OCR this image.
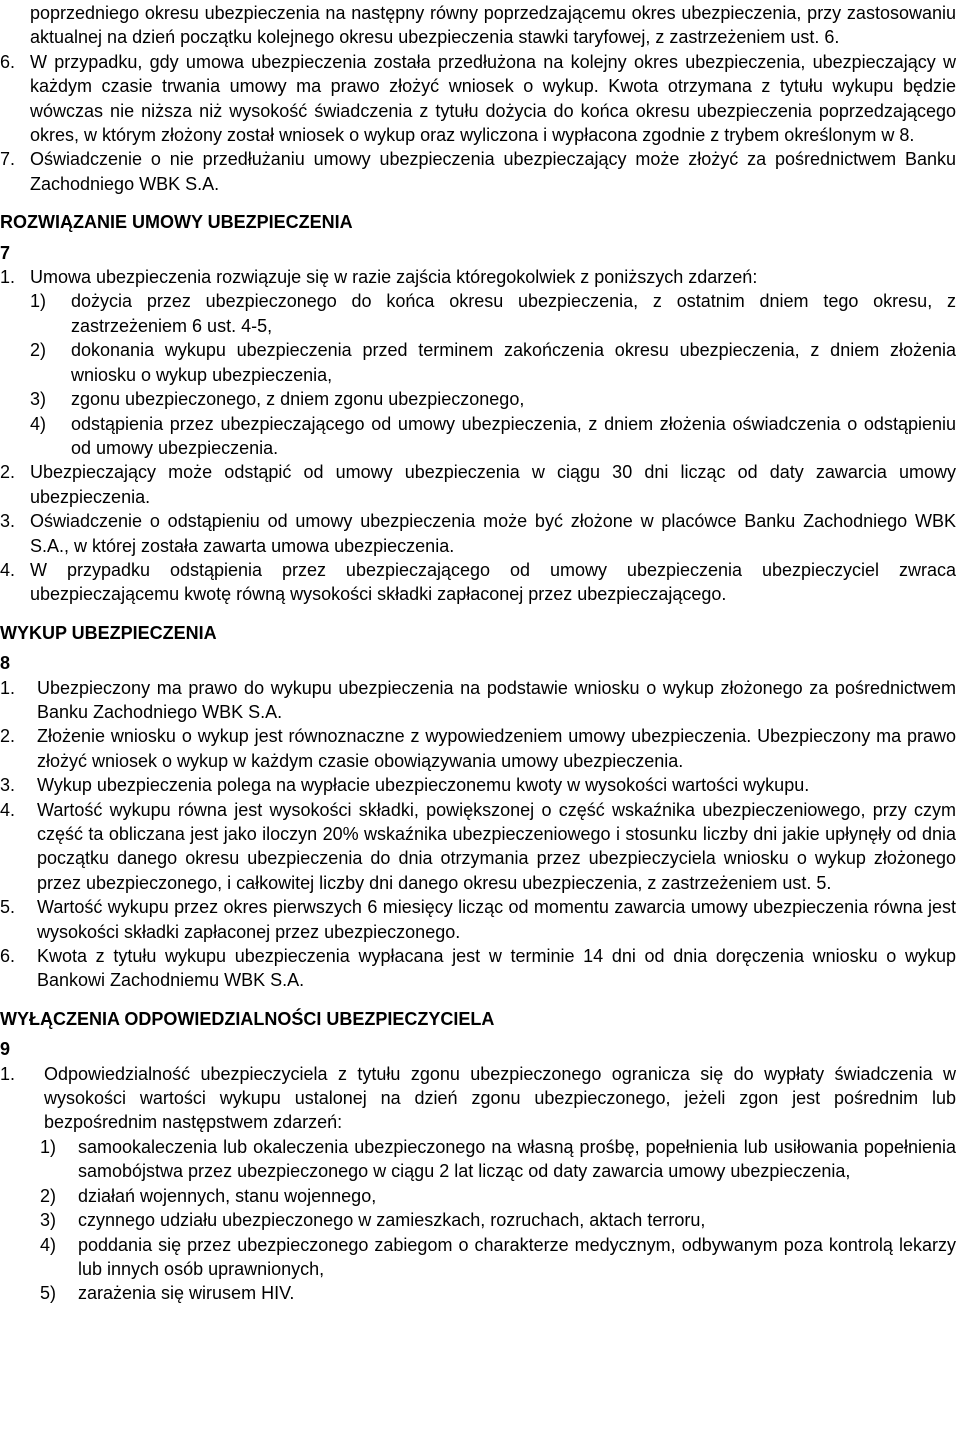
poprzedniego okresu ubezpieczenia na następny równy poprzedzającemu okres ubezpieczenia, przy zastosowaniu aktualnej na dzień początku kolejnego okresu ubezpieczenia stawki taryfowej, z zastrzeżeniem ust. 6.

6. W przypadku, gdy umowa ubezpieczenia została przedłużona na kolejny okres ubezpieczenia, ubezpieczający w każdym czasie trwania umowy ma prawo złożyć wniosek o wykup. Kwota otrzymana z tytułu wykupu będzie wówczas nie niższa niż wysokość świadczenia z tytułu dożycia do końca okresu ubezpieczenia poprzedzającego okres, w którym złożony został wniosek o wykup oraz wyliczona i wypłacona zgodnie z trybem określonym w 8.
7. Oświadczenie o nie przedłużaniu umowy ubezpieczenia ubezpieczający może złożyć za pośrednictwem Banku Zachodniego WBK S.A.

ROZWIĄZANIE UMOWY UBEZPIECZENIA

7

1. Umowa ubezpieczenia rozwiązuje się w razie zajścia któregokolwiek z poniższych zdarzeń:
1)	dożycia przez ubezpieczonego do końca okresu ubezpieczenia, z ostatnim dniem tego okresu, z zastrzeżeniem 6 ust. 4-5,
2)	dokonania wykupu ubezpieczenia przed terminem zakończenia okresu ubezpieczenia, z dniem złożenia wniosku o wykup ubezpieczenia,
3)	zgonu ubezpieczonego, z dniem zgonu ubezpieczonego,
4)	odstąpienia przez ubezpieczającego od umowy ubezpieczenia, z dniem złożenia oświadczenia o odstąpieniu od umowy ubezpieczenia.
2. Ubezpieczający może odstąpić od umowy ubezpieczenia w ciągu 30 dni licząc od daty zawarcia umowy ubezpieczenia.
3. Oświadczenie o odstąpieniu od umowy ubezpieczenia może być złożone w placówce Banku Zachodniego WBK S.A., w której została zawarta umowa ubezpieczenia.
4. W przypadku odstąpienia przez ubezpieczającego od umowy ubezpieczenia ubezpieczyciel zwraca ubezpieczającemu kwotę równą wysokości składki zapłaconej przez ubezpieczającego.

WYKUP UBEZPIECZENIA

8

1.	Ubezpieczony ma prawo do wykupu ubezpieczenia na podstawie wniosku o wykup złożonego za pośrednictwem Banku Zachodniego WBK S.A.
2.	Złożenie wniosku o wykup jest równoznaczne z wypowiedzeniem umowy ubezpieczenia. Ubezpieczony ma prawo złożyć wniosek o wykup w każdym czasie obowiązywania umowy ubezpieczenia.
3.	Wykup ubezpieczenia polega na wypłacie ubezpieczonemu kwoty w wysokości wartości wykupu.
4.	Wartość wykupu równa jest wysokości składki, powiększonej o część wskaźnika ubezpieczeniowego, przy czym część ta obliczana jest jako iloczyn 20% wskaźnika ubezpieczeniowego i stosunku liczby dni jakie upłynęły od dnia początku danego okresu ubezpieczenia do dnia otrzymania przez ubezpieczyciela wniosku o wykup złożonego przez ubezpieczonego, i całkowitej liczby dni danego okresu ubezpieczenia, z zastrzeżeniem ust. 5.
5.	Wartość wykupu przez okres pierwszych 6 miesięcy licząc od momentu zawarcia umowy ubezpieczenia równa jest wysokości składki zapłaconej przez ubezpieczonego.
6.	Kwota z tytułu wykupu ubezpieczenia wypłacana jest w terminie 14 dni od dnia doręczenia wniosku o wykup Bankowi Zachodniemu WBK S.A.

WYŁĄCZENIA ODPOWIEDZIALNOŚCI UBEZPIECZYCIELA

9

1.	Odpowiedzialność ubezpieczyciela z tytułu zgonu ubezpieczonego ogranicza się do wypłaty świadczenia w wysokości wartości wykupu ustalonej na dzień zgonu ubezpieczonego, jeżeli zgon jest pośrednim lub bezpośrednim następstwem zdarzeń:
1)	samookaleczenia lub okaleczenia ubezpieczonego na własną prośbę, popełnienia lub usiłowania popełnienia samobójstwa przez ubezpieczonego w ciągu 2 lat licząc od daty zawarcia umowy ubezpieczenia,
2)	działań wojennych, stanu wojennego,
3)	czynnego udziału ubezpieczonego w zamieszkach, rozruchach, aktach terroru,
4)	poddania się przez ubezpieczonego zabiegom o charakterze medycznym, odbywanym poza kontrolą lekarzy lub innych osób uprawnionych,
5)	zarażenia się wirusem HIV.
